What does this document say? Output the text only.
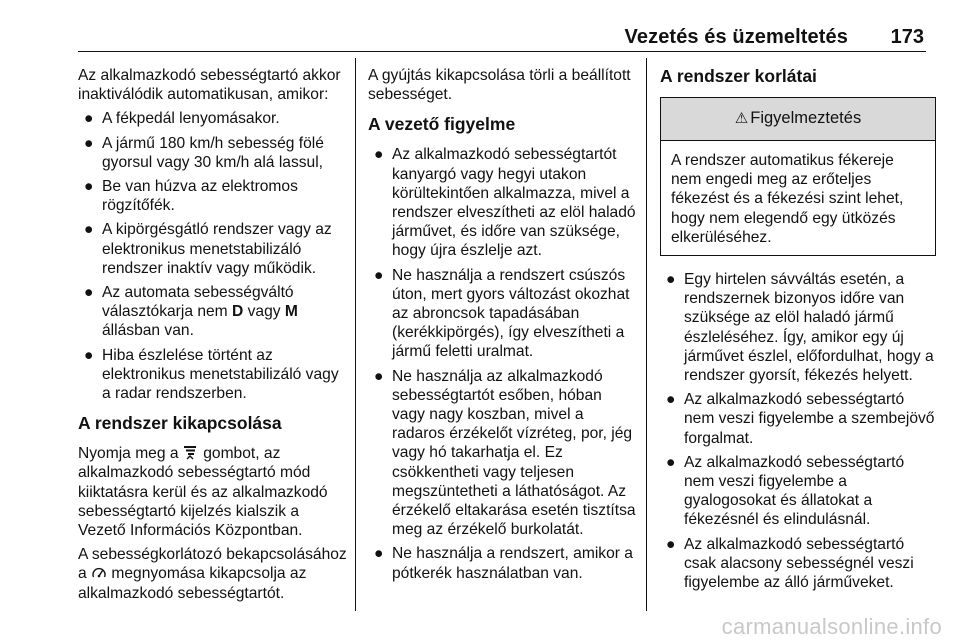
Vezetés és üzemeltetés 173

Az alkalmazkodó sebességtartó akkor inaktiválódik automatikusan, amikor:

● A fékpedál lenyomásakor.
● A jármű 180 km/h sebesség fölé gyorsul vagy 30 km/h alá lassul,
● Be van húzva az elektromos rögzítőfék.
● A kipörgésgátló rendszer vagy az elektronikus menetstabilizáló rendszer inaktív vagy működik.
● Az automata sebességváltó választókarja nem D vagy M állásban van.
● Hiba észlelése történt az elektronikus menetstabilizáló vagy a radar rendszerben.
A rendszer kikapcsolása

Nyomja meg a gombot, az alkalmazkodó sebességtartó mód kiiktatásra kerül és az alkalmazkodó sebességtartó kijelzés kialszik a Vezető Információs Központban.

A sebességkorlátozó bekapcsolásához a megnyomása kikapcsolja az alkalmazkodó sebességtartót.

A gyújtás kikapcsolása törli a beállított sebességet.

A vezető figyelme
● Az alkalmazkodó sebességtartót kanyargó vagy hegyi utakon körültekintően alkalmazza, mivel a rendszer elveszítheti az elöl haladó járművet, és időre van szüksége, hogy újra észlelje azt.
● Ne használja a rendszert csúszós úton, mert gyors változást okozhat az abroncsok tapadásában (kerékkipörgés), így elveszítheti a jármű feletti uralmat.
● Ne használja az alkalmazkodó sebességtartót esőben, hóban vagy nagy koszban, mivel a radaros érzékelőt vízréteg, por, jég vagy hó takarhatja el. Ez csökkentheti vagy teljesen megszüntetheti a láthatóságot. Az érzékelő eltakarása esetén tisztítsa meg az érzékelő burkolatát.
● Ne használja a rendszert, amikor a pótkerék használatban van.
A rendszer korlátai
⚠ Figyelmeztetés
A rendszer automatikus fékereje nem engedi meg az erőteljes fékezést és a fékezési szint lehet, hogy nem elegendő egy ütközés elkerüléséhez.
● Egy hirtelen sávváltás esetén, a rendszernek bizonyos időre van szüksége az elöl haladó jármű észleléséhez. Így, amikor egy új járművet észlel, előfordulhat, hogy a rendszer gyorsít, fékezés helyett.
● Az alkalmazkodó sebességtartó nem veszi figyelembe a szembejövő forgalmat.
● Az alkalmazkodó sebességtartó nem veszi figyelembe a gyalogosokat és állatokat a fékezésnél és elindulásnál.
● Az alkalmazkodó sebességtartó csak alacsony sebességnél veszi figyelembe az álló járműveket.
carmanualsonline.info
